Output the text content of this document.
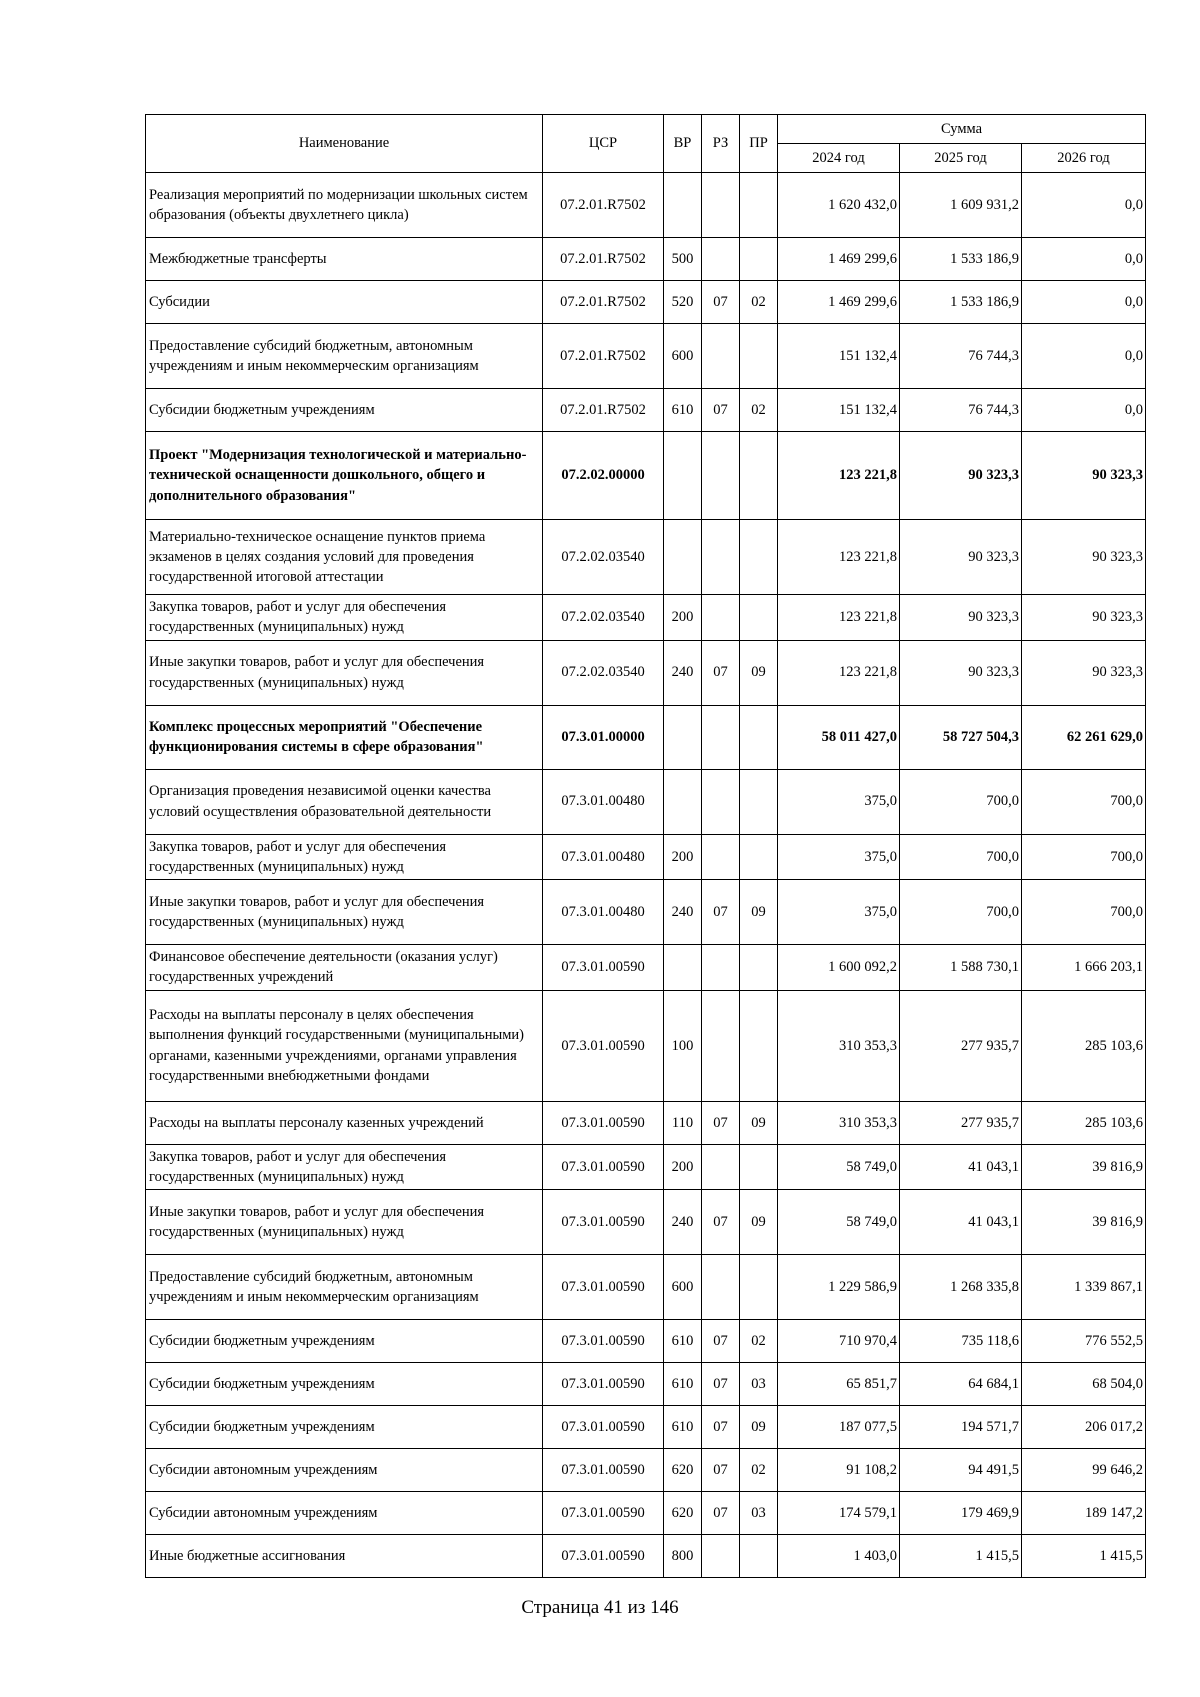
Наименование	ЦСР	ВР	РЗ	ПР	Сумма		
					2024 год	2025 год	2026 год
Реализация мероприятий по модернизации школьных систем образования (объекты двухлетнего цикла)	07.2.01.R7502				1 620 432,0	1 609 931,2	0,0
Межбюджетные трансферты	07.2.01.R7502	500			1 469 299,6	1 533 186,9	0,0
Субсидии	07.2.01.R7502	520	07	02	1 469 299,6	1 533 186,9	0,0
Предоставление субсидий бюджетным, автономным учреждениям и иным некоммерческим организациям	07.2.01.R7502	600			151 132,4	76 744,3	0,0
Субсидии бюджетным учреждениям	07.2.01.R7502	610	07	02	151 132,4	76 744,3	0,0
Проект "Модернизация технологической и материально-технической оснащенности дошкольного, общего и дополнительного образования"	07.2.02.00000				123 221,8	90 323,3	90 323,3
Материально-техническое оснащение пунктов приема экзаменов в целях создания условий для проведения государственной итоговой аттестации	07.2.02.03540				123 221,8	90 323,3	90 323,3
Закупка товаров, работ и услуг для обеспечения государственных (муниципальных) нужд	07.2.02.03540	200			123 221,8	90 323,3	90 323,3
Иные закупки товаров, работ и услуг для обеспечения государственных (муниципальных) нужд	07.2.02.03540	240	07	09	123 221,8	90 323,3	90 323,3
Комплекс процессных мероприятий "Обеспечение функционирования системы в сфере образования"	07.3.01.00000				58 011 427,0	58 727 504,3	62 261 629,0
Организация проведения независимой оценки качества условий осуществления образовательной деятельности	07.3.01.00480				375,0	700,0	700,0
Закупка товаров, работ и услуг для обеспечения государственных (муниципальных) нужд	07.3.01.00480	200			375,0	700,0	700,0
Иные закупки товаров, работ и услуг для обеспечения государственных (муниципальных) нужд	07.3.01.00480	240	07	09	375,0	700,0	700,0
Финансовое обеспечение деятельности (оказания услуг) государственных учреждений	07.3.01.00590				1 600 092,2	1 588 730,1	1 666 203,1
Расходы на выплаты персоналу в целях обеспечения выполнения функций государственными (муниципальными) органами, казенными учреждениями, органами управления государственными внебюджетными фондами	07.3.01.00590	100			310 353,3	277 935,7	285 103,6
Расходы на выплаты персоналу казенных учреждений	07.3.01.00590	110	07	09	310 353,3	277 935,7	285 103,6
Закупка товаров, работ и услуг для обеспечения государственных (муниципальных) нужд	07.3.01.00590	200			58 749,0	41 043,1	39 816,9
Иные закупки товаров, работ и услуг для обеспечения государственных (муниципальных) нужд	07.3.01.00590	240	07	09	58 749,0	41 043,1	39 816,9
Предоставление субсидий бюджетным, автономным учреждениям и иным некоммерческим организациям	07.3.01.00590	600			1 229 586,9	1 268 335,8	1 339 867,1
Субсидии бюджетным учреждениям	07.3.01.00590	610	07	02	710 970,4	735 118,6	776 552,5
Субсидии бюджетным учреждениям	07.3.01.00590	610	07	03	65 851,7	64 684,1	68 504,0
Субсидии бюджетным учреждениям	07.3.01.00590	610	07	09	187 077,5	194 571,7	206 017,2
Субсидии автономным учреждениям	07.3.01.00590	620	07	02	91 108,2	94 491,5	99 646,2
Субсидии автономным учреждениям	07.3.01.00590	620	07	03	174 579,1	179 469,9	189 147,2
Иные бюджетные ассигнования	07.3.01.00590	800			1 403,0	1 415,5	1 415,5
Страница 41 из 146
